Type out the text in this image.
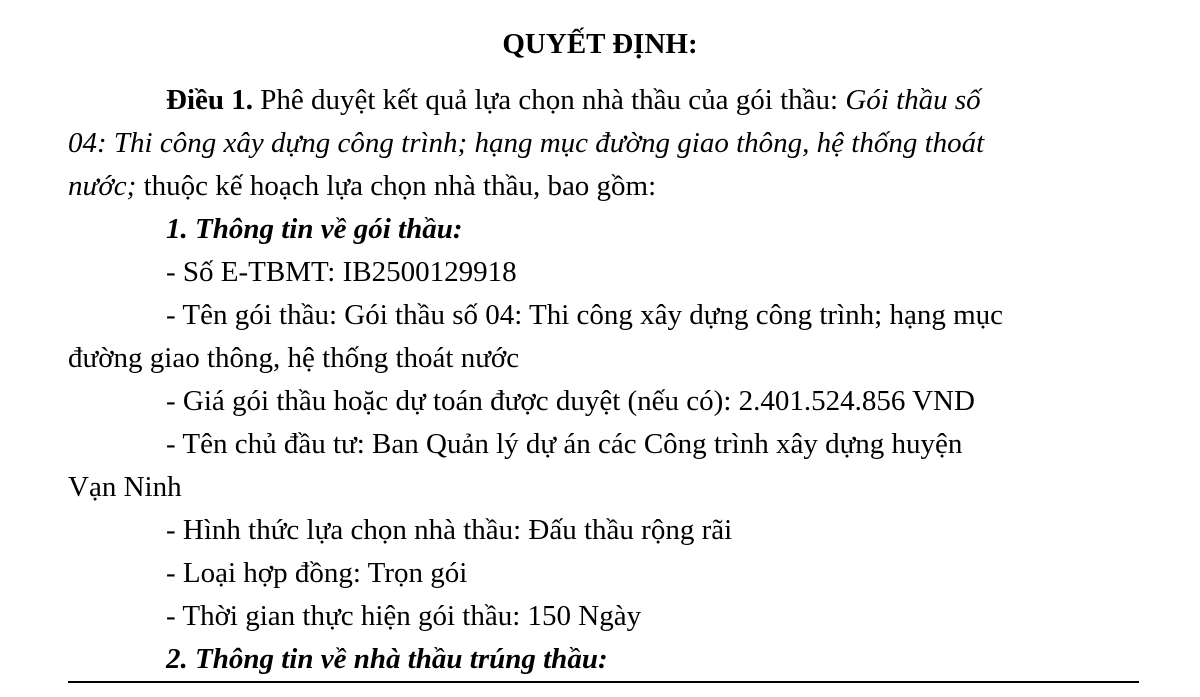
QUYẾT ĐỊNH:
Điều 1. Phê duyệt kết quả lựa chọn nhà thầu của gói thầu: Gói thầu số
04: Thi công xây dựng công trình; hạng mục đường giao thông, hệ thống thoát
nước; thuộc kế hoạch lựa chọn nhà thầu, bao gồm:
1. Thông tin về gói thầu:
- Số E-TBMT: IB2500129918
- Tên gói thầu: Gói thầu số 04: Thi công xây dựng công trình; hạng mục
đường giao thông, hệ thống thoát nước
- Giá gói thầu hoặc dự toán được duyệt (nếu có): 2.401.524.856 VND
- Tên chủ đầu tư: Ban Quản lý dự án các Công trình xây dựng huyện
Vạn Ninh
- Hình thức lựa chọn nhà thầu: Đấu thầu rộng rãi
- Loại hợp đồng: Trọn gói
- Thời gian thực hiện gói thầu: 150 Ngày
2. Thông tin về nhà thầu trúng thầu:
